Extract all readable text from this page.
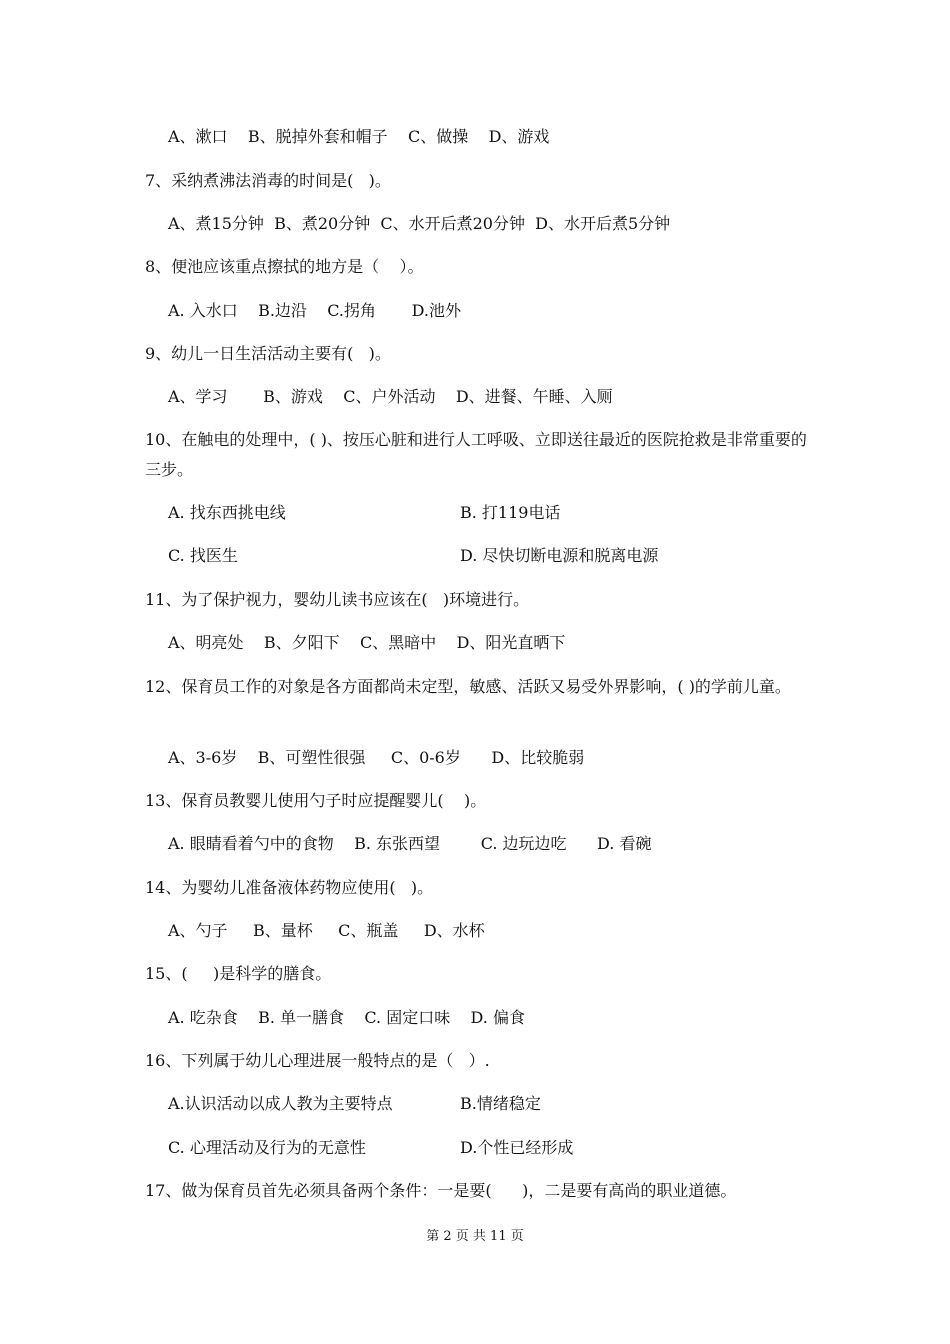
A、漱口    B、脱掉外套和帽子    C、做操    D、游戏
7、采纳煮沸法消毒的时间是(   )。
A、煮15分钟  B、煮20分钟  C、水开后煮20分钟  D、水开后煮5分钟
8、便池应该重点擦拭的地方是（    ）。
A. 入水口    B.边沿    C.拐角       D.池外
9、幼儿一日生活活动主要有(   )。
A、学习       B、游戏    C、户外活动    D、进餐、午睡、入厕
10、在触电的处理中，( )、按压心脏和进行人工呼吸、立即送往最近的医院抢救是非常重要的三步。
A. 找东西挑电线	B. 打119电话
C. 找医生	D. 尽快切断电源和脱离电源
11、为了保护视力，婴幼儿读书应该在(   )环境进行。
A、明亮处    B、夕阳下    C、黑暗中    D、阳光直晒下
12、保育员工作的对象是各方面都尚未定型，敏感、活跃又易受外界影响，( )的学前儿童。
A、3-6岁    B、可塑性很强     C、0-6岁      D、比较脆弱
13、保育员教婴儿使用勺子时应提醒婴儿(    )。
A. 眼睛看着勺中的食物    B. 东张西望        C. 边玩边吃      D. 看碗
14、为婴幼儿准备液体药物应使用(   )。
A、勺子     B、量杯     C、瓶盖     D、水杯
15、(     )是科学的膳食。
A. 吃杂食    B. 单一膳食    C. 固定口味    D. 偏食
16、下列属于幼儿心理进展一般特点的是（   ）.
A.认识活动以成人教为主要特点	B.情绪稳定
C. 心理活动及行为的无意性	D.个性已经形成
17、做为保育员首先必须具备两个条件：一是要(      )，二是要有高尚的职业道德。
第 2 页 共 11 页
